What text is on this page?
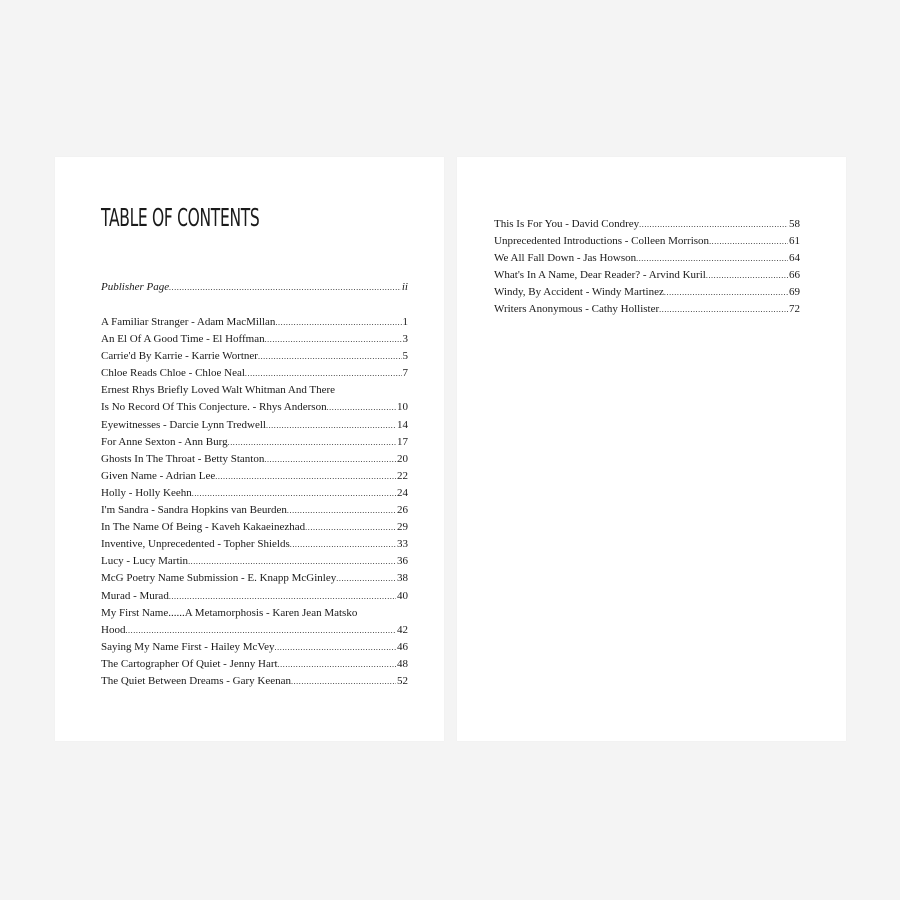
TABLE OF CONTENTS
Publisher Page .....	ii
A Familiar Stranger - Adam MacMillan .....	1
An El Of A Good Time - El Hoffman .....	3
Carrie'd By Karrie - Karrie Wortner .....	5
Chloe Reads Chloe - Chloe Neal .....	7
Ernest Rhys Briefly Loved Walt Whitman And There
Is No Record Of This Conjecture. - Rhys Anderson .....	10
Eyewitnesses - Darcie Lynn Tredwell .....	14
For Anne Sexton - Ann Burg .....	17
Ghosts In The Throat - Betty Stanton .....	20
Given Name - Adrian Lee .....	22
Holly - Holly Keehn .....	24
I'm Sandra - Sandra Hopkins van Beurden .....	26
In The Name Of Being - Kaveh Kakaeinezhad .....	29
Inventive, Unprecedented - Topher Shields .....	33
Lucy - Lucy Martin .....	36
McG Poetry Name Submission - E. Knapp McGinley .....	38
Murad - Murad .....	40
My First Name......A Metamorphosis - Karen Jean Matsko
Hood .....	42
Saying My Name First - Hailey McVey .....	46
The Cartographer Of Quiet - Jenny Hart .....	48
The Quiet Between Dreams - Gary Keenan .....	52
This Is For You - David Condrey .....	58
Unprecedented Introductions - Colleen Morrison .....	61
We All Fall Down - Jas Howson .....	64
What's In A Name, Dear Reader? - Arvind Kuril .....	66
Windy, By Accident - Windy Martinez .....	69
Writers Anonymous - Cathy Hollister .....	72
